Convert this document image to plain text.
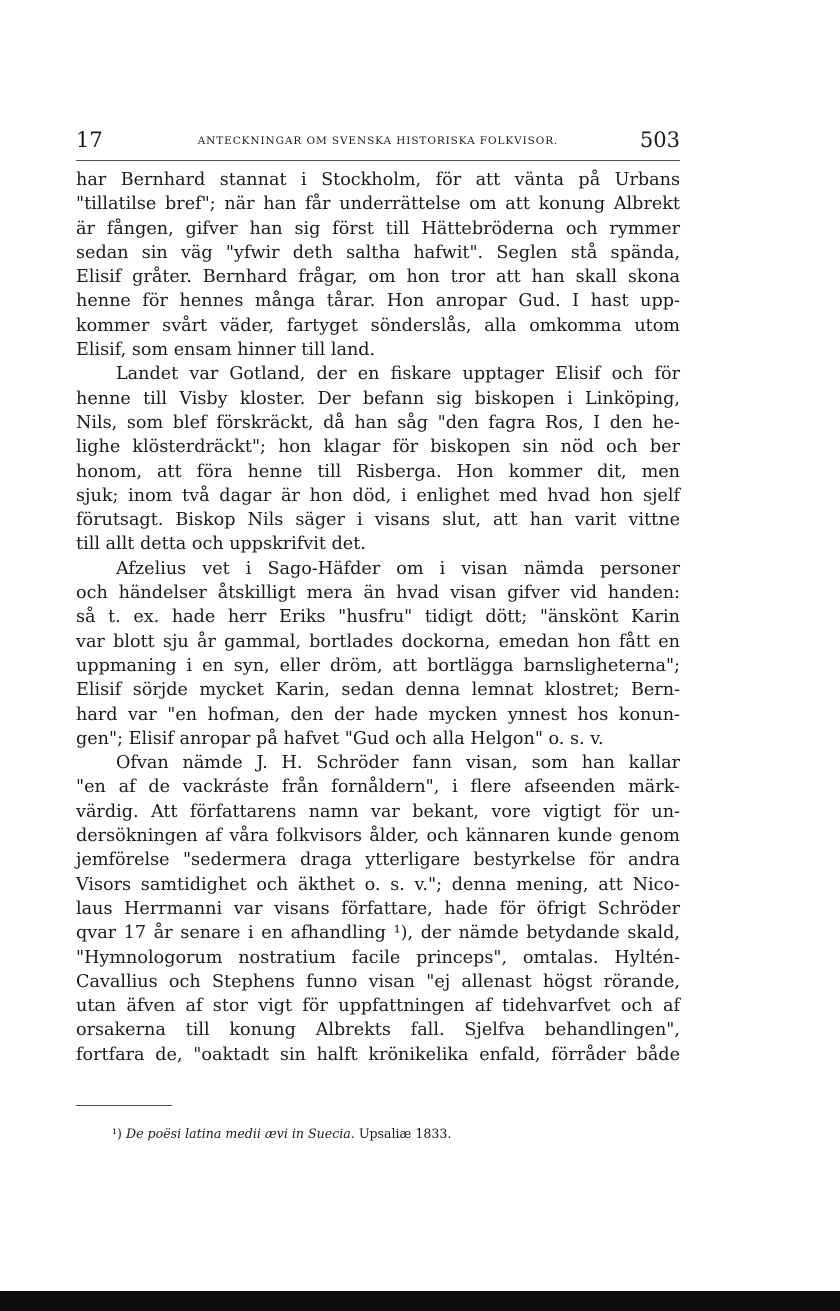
17	ANTECKNINGAR OM SVENSKA HISTORISKA FOLKVISOR.	503
har Bernhard stannat i Stockholm, för att vänta på Urbans
"tillatilse bref"; när han får underrättelse om att konung Albrekt
är fången, gifver han sig först till Hättebröderna och rymmer
sedan sin väg "yfwir deth saltha hafwit". Seglen stå spända,
Elisif gråter. Bernhard frågar, om hon tror att han skall skona
henne för hennes många tårar. Hon anropar Gud. I hast upp-
kommer svårt väder, fartyget sönderslås, alla omkomma utom
Elisif, som ensam hinner till land.
Landet var Gotland, der en fiskare upptager Elisif och för
henne till Visby kloster. Der befann sig biskopen i Linköping,
Nils, som blef förskräckt, då han såg "den fagra Ros, I den he-
lighe klösterdräckt"; hon klagar för biskopen sin nöd och ber
honom, att föra henne till Risberga. Hon kommer dit, men
sjuk; inom två dagar är hon död, i enlighet med hvad hon sjelf
förutsagt. Biskop Nils säger i visans slut, att han varit vittne
till allt detta och uppskrifvit det.
Afzelius vet i Sago-Häfder om i visan nämda personer
och händelser åtskilligt mera än hvad visan gifver vid handen:
så t. ex. hade herr Eriks "husfru" tidigt dött; "änskönt Karin
var blott sju år gammal, bortlades dockorna, emedan hon fått en
uppmaning i en syn, eller dröm, att bortlägga barnsligheterna";
Elisif sörjde mycket Karin, sedan denna lemnat klostret; Bern-
hard var "en hofman, den der hade mycken ynnest hos konun-
gen"; Elisif anropar på hafvet "Gud och alla Helgon" o. s. v.
Ofvan nämde J. H. Schröder fann visan, som han kallar
"en af de vackráste från fornåldern", i flere afseenden märk-
värdig. Att författarens namn var bekant, vore vigtigt för un-
dersökningen af våra folkvisors ålder, och kännaren kunde genom
jemförelse "sedermera draga ytterligare bestyrkelse för andra
Visors samtidighet och äkthet o. s. v."; denna mening, att Nico-
laus Herrmanni var visans författare, hade för öfrigt Schröder
qvar 17 år senare i en afhandling ¹), der nämde betydande skald,
"Hymnologorum nostratium facile princeps", omtalas. Hyltén-
Cavallius och Stephens funno visan "ej allenast högst rörande,
utan äfven af stor vigt för uppfattningen af tidehvarfvet och af
orsakerna till konung Albrekts fall. Sjelfva behandlingen",
fortfara de, "oaktadt sin halft krönikelika enfald, förråder både
¹) De poësi latina medii ævi in Suecia. Upsaliæ 1833.
